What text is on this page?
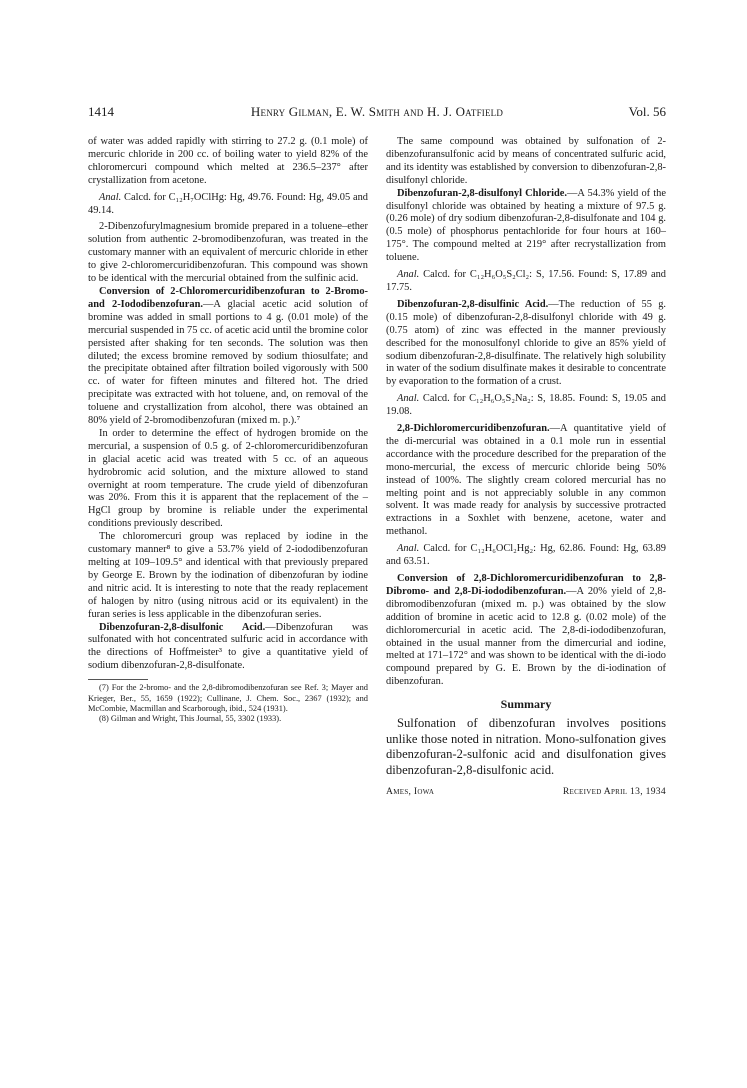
1414	Henry Gilman, E. W. Smith and H. J. Oatfield	Vol. 56

of water was added rapidly with stirring to 27.2 g. (0.1 mole) of mercuric chloride in 200 cc. of boiling water to yield 82% of the chloromercuri compound which melted at 236.5–237° after crystallization from acetone.

Anal. Calcd. for C₁₂H₇OClHg: Hg, 49.76. Found: Hg, 49.05 and 49.14.

2-Dibenzofurylmagnesium bromide prepared in a toluene–ether solution from authentic 2-bromodibenzofuran, was treated in the customary manner with an equivalent of mercuric chloride in ether to give 2-chloromercuridibenzofuran. This compound was shown to be identical with the mercurial obtained from the sulfinic acid.

Conversion of 2-Chloromercuridibenzofuran to 2-Bromo- and 2-Iododibenzofuran.—A glacial acetic acid solution of bromine was added in small portions to 4 g. (0.01 mole) of the mercurial suspended in 75 cc. of acetic acid until the bromine color persisted after shaking for ten seconds. The solution was then diluted; the excess bromine removed by sodium thiosulfate; and the precipitate obtained after filtration boiled vigorously with 500 cc. of water for fifteen minutes and filtered hot. The dried precipitate was extracted with hot toluene, and, on removal of the toluene and crystallization from alcohol, there was obtained an 80% yield of 2-bromodibenzofuran (mixed m. p.).⁷

In order to determine the effect of hydrogen bromide on the mercurial, a suspension of 0.5 g. of 2-chloromercuridibenzofuran in glacial acetic acid was treated with 5 cc. of an aqueous hydrobromic acid solution, and the mixture allowed to stand overnight at room temperature. The crude yield of dibenzofuran was 20%. From this it is apparent that the replacement of the –HgCl group by bromine is reliable under the experimental conditions previously described.

The chloromercuri group was replaced by iodine in the customary manner⁸ to give a 53.7% yield of 2-iododibenzofuran melting at 109–109.5° and identical with that previously prepared by George E. Brown by the iodination of dibenzofuran by iodine and nitric acid. It is interesting to note that the ready replacement of halogen by nitro (using nitrous acid or its equivalent) in the furan series is less applicable in the dibenzofuran series.

Dibenzofuran-2,8-disulfonic Acid.—Dibenzofuran was sulfonated with hot concentrated sulfuric acid in accordance with the directions of Hoffmeister³ to give a quantitative yield of sodium dibenzofuran-2,8-disulfonate.

(7) For the 2-bromo- and the 2,8-dibromodibenzofuran see Ref. 3; Mayer and Krieger, Ber., 55, 1659 (1922); Cullinane, J. Chem. Soc., 2367 (1932); and McCombie, Macmillan and Scarborough, ibid., 524 (1931).

(8) Gilman and Wright, This Journal, 55, 3302 (1933).

The same compound was obtained by sulfonation of 2-dibenzofuransulfonic acid by means of concentrated sulfuric acid, and its identity was established by conversion to dibenzofuran-2,8-disulfonyl chloride.

Dibenzofuran-2,8-disulfonyl Chloride.—A 54.3% yield of the disulfonyl chloride was obtained by heating a mixture of 97.5 g. (0.26 mole) of dry sodium dibenzofuran-2,8-disulfonate and 104 g. (0.5 mole) of phosphorus pentachloride for four hours at 160–175°. The compound melted at 219° after recrystallization from toluene.

Anal. Calcd. for C₁₂H₆O₅S₂Cl₂: S, 17.56. Found: S, 17.89 and 17.75.

Dibenzofuran-2,8-disulfinic Acid.—The reduction of 55 g. (0.15 mole) of dibenzofuran-2,8-disulfonyl chloride with 49 g. (0.75 atom) of zinc was effected in the manner previously described for the monosulfonyl chloride to give an 85% yield of sodium dibenzofuran-2,8-disulfinate. The relatively high solubility in water of the sodium disulfinate makes it desirable to concentrate by evaporation to the formation of a crust.

Anal. Calcd. for C₁₂H₆O₅S₂Na₂: S, 18.85. Found: S, 19.05 and 19.08.

2,8-Dichloromercuridibenzofuran.—A quantitative yield of the di-mercurial was obtained in a 0.1 mole run in essential accordance with the procedure described for the preparation of the mono-mercurial, the excess of mercuric chloride being 50% instead of 100%. The slightly cream colored mercurial has no melting point and is not appreciably soluble in any common solvent. It was made ready for analysis by successive protracted extractions in a Soxhlet with benzene, acetone, water and methanol.

Anal. Calcd. for C₁₂H₆OCl₂Hg₂: Hg, 62.86. Found: Hg, 63.89 and 63.51.

Conversion of 2,8-Dichloromercuridibenzofuran to 2,8-Dibromo- and 2,8-Di-iododibenzofuran.—A 20% yield of 2,8-dibromodibenzofuran (mixed m. p.) was obtained by the slow addition of bromine in acetic acid to 12.8 g. (0.02 mole) of the dichloromercurial in acetic acid. The 2,8-di-iododibenzofuran, obtained in the usual manner from the dimercurial and iodine, melted at 171–172° and was shown to be identical with the di-iodo compound prepared by G. E. Brown by the di-iodination of dibenzofuran.

Summary

Sulfonation of dibenzofuran involves positions unlike those noted in nitration. Mono-sulfonation gives dibenzofuran-2-sulfonic acid and disulfonation gives dibenzofuran-2,8-disulfonic acid.

Ames, Iowa	Received April 13, 1934
